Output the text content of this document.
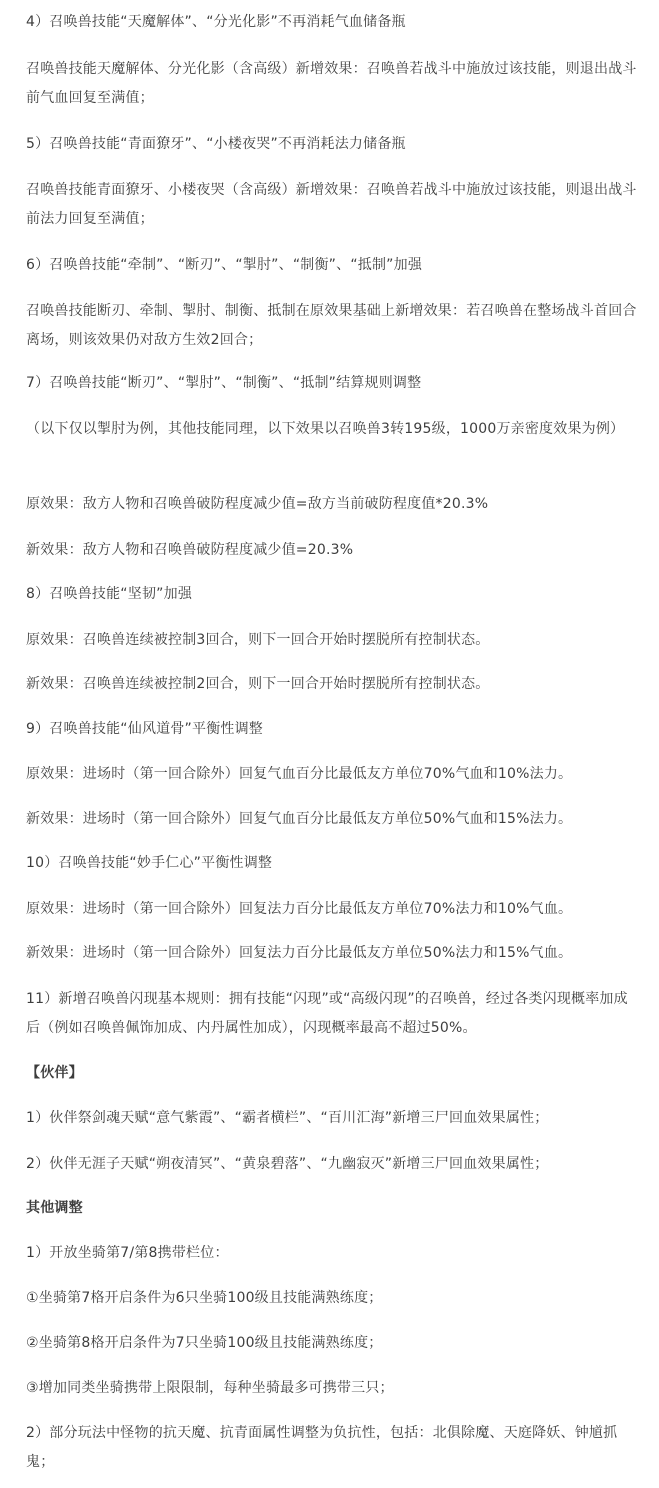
4）召唤兽技能“天魔解体”、“分光化影”不再消耗气血储备瓶

召唤兽技能天魔解体、分光化影（含高级）新增效果：召唤兽若战斗中施放过该技能，则退出战斗前气血回复至满值；

5）召唤兽技能“青面獠牙”、“小楼夜哭”不再消耗法力储备瓶

召唤兽技能青面獠牙、小楼夜哭（含高级）新增效果：召唤兽若战斗中施放过该技能，则退出战斗前法力回复至满值；

6）召唤兽技能“牵制”、“断刃”、“掣肘”、“制衡”、“抵制”加强

召唤兽技能断刃、牵制、掣肘、制衡、抵制在原效果基础上新增效果：若召唤兽在整场战斗首回合离场，则该效果仍对敌方生效2回合；

7）召唤兽技能“断刃”、“掣肘”、“制衡”、“抵制”结算规则调整

（以下仅以掣肘为例，其他技能同理，以下效果以召唤兽3转195级，1000万亲密度效果为例）

原效果：敌方人物和召唤兽破防程度减少值=敌方当前破防程度值*20.3%

新效果：敌方人物和召唤兽破防程度减少值=20.3%

8）召唤兽技能“坚韧”加强

原效果：召唤兽连续被控制3回合，则下一回合开始时摆脱所有控制状态。

新效果：召唤兽连续被控制2回合，则下一回合开始时摆脱所有控制状态。

9）召唤兽技能“仙风道骨”平衡性调整

原效果：进场时（第一回合除外）回复气血百分比最低友方单位70%气血和10%法力。

新效果：进场时（第一回合除外）回复气血百分比最低友方单位50%气血和15%法力。

10）召唤兽技能“妙手仁心”平衡性调整

原效果：进场时（第一回合除外）回复法力百分比最低友方单位70%法力和10%气血。

新效果：进场时（第一回合除外）回复法力百分比最低友方单位50%法力和15%气血。

11）新增召唤兽闪现基本规则：拥有技能“闪现”或“高级闪现”的召唤兽，经过各类闪现概率加成后（例如召唤兽佩饰加成、内丹属性加成），闪现概率最高不超过50%。

【伙伴】

1）伙伴祭剑魂天赋“意气紫霞”、“霸者横栏”、“百川汇海”新增三尸回血效果属性；

2）伙伴无涯子天赋“朔夜清冥”、“黄泉碧落”、“九幽寂灭”新增三尸回血效果属性；

其他调整

1）开放坐骑第7/第8携带栏位：

①坐骑第7格开启条件为6只坐骑100级且技能满熟练度；

②坐骑第8格开启条件为7只坐骑100级且技能满熟练度；

③增加同类坐骑携带上限限制，每种坐骑最多可携带三只；

2）部分玩法中怪物的抗天魔、抗青面属性调整为负抗性，包括：北俱除魔、天庭降妖、钟馗抓鬼；
